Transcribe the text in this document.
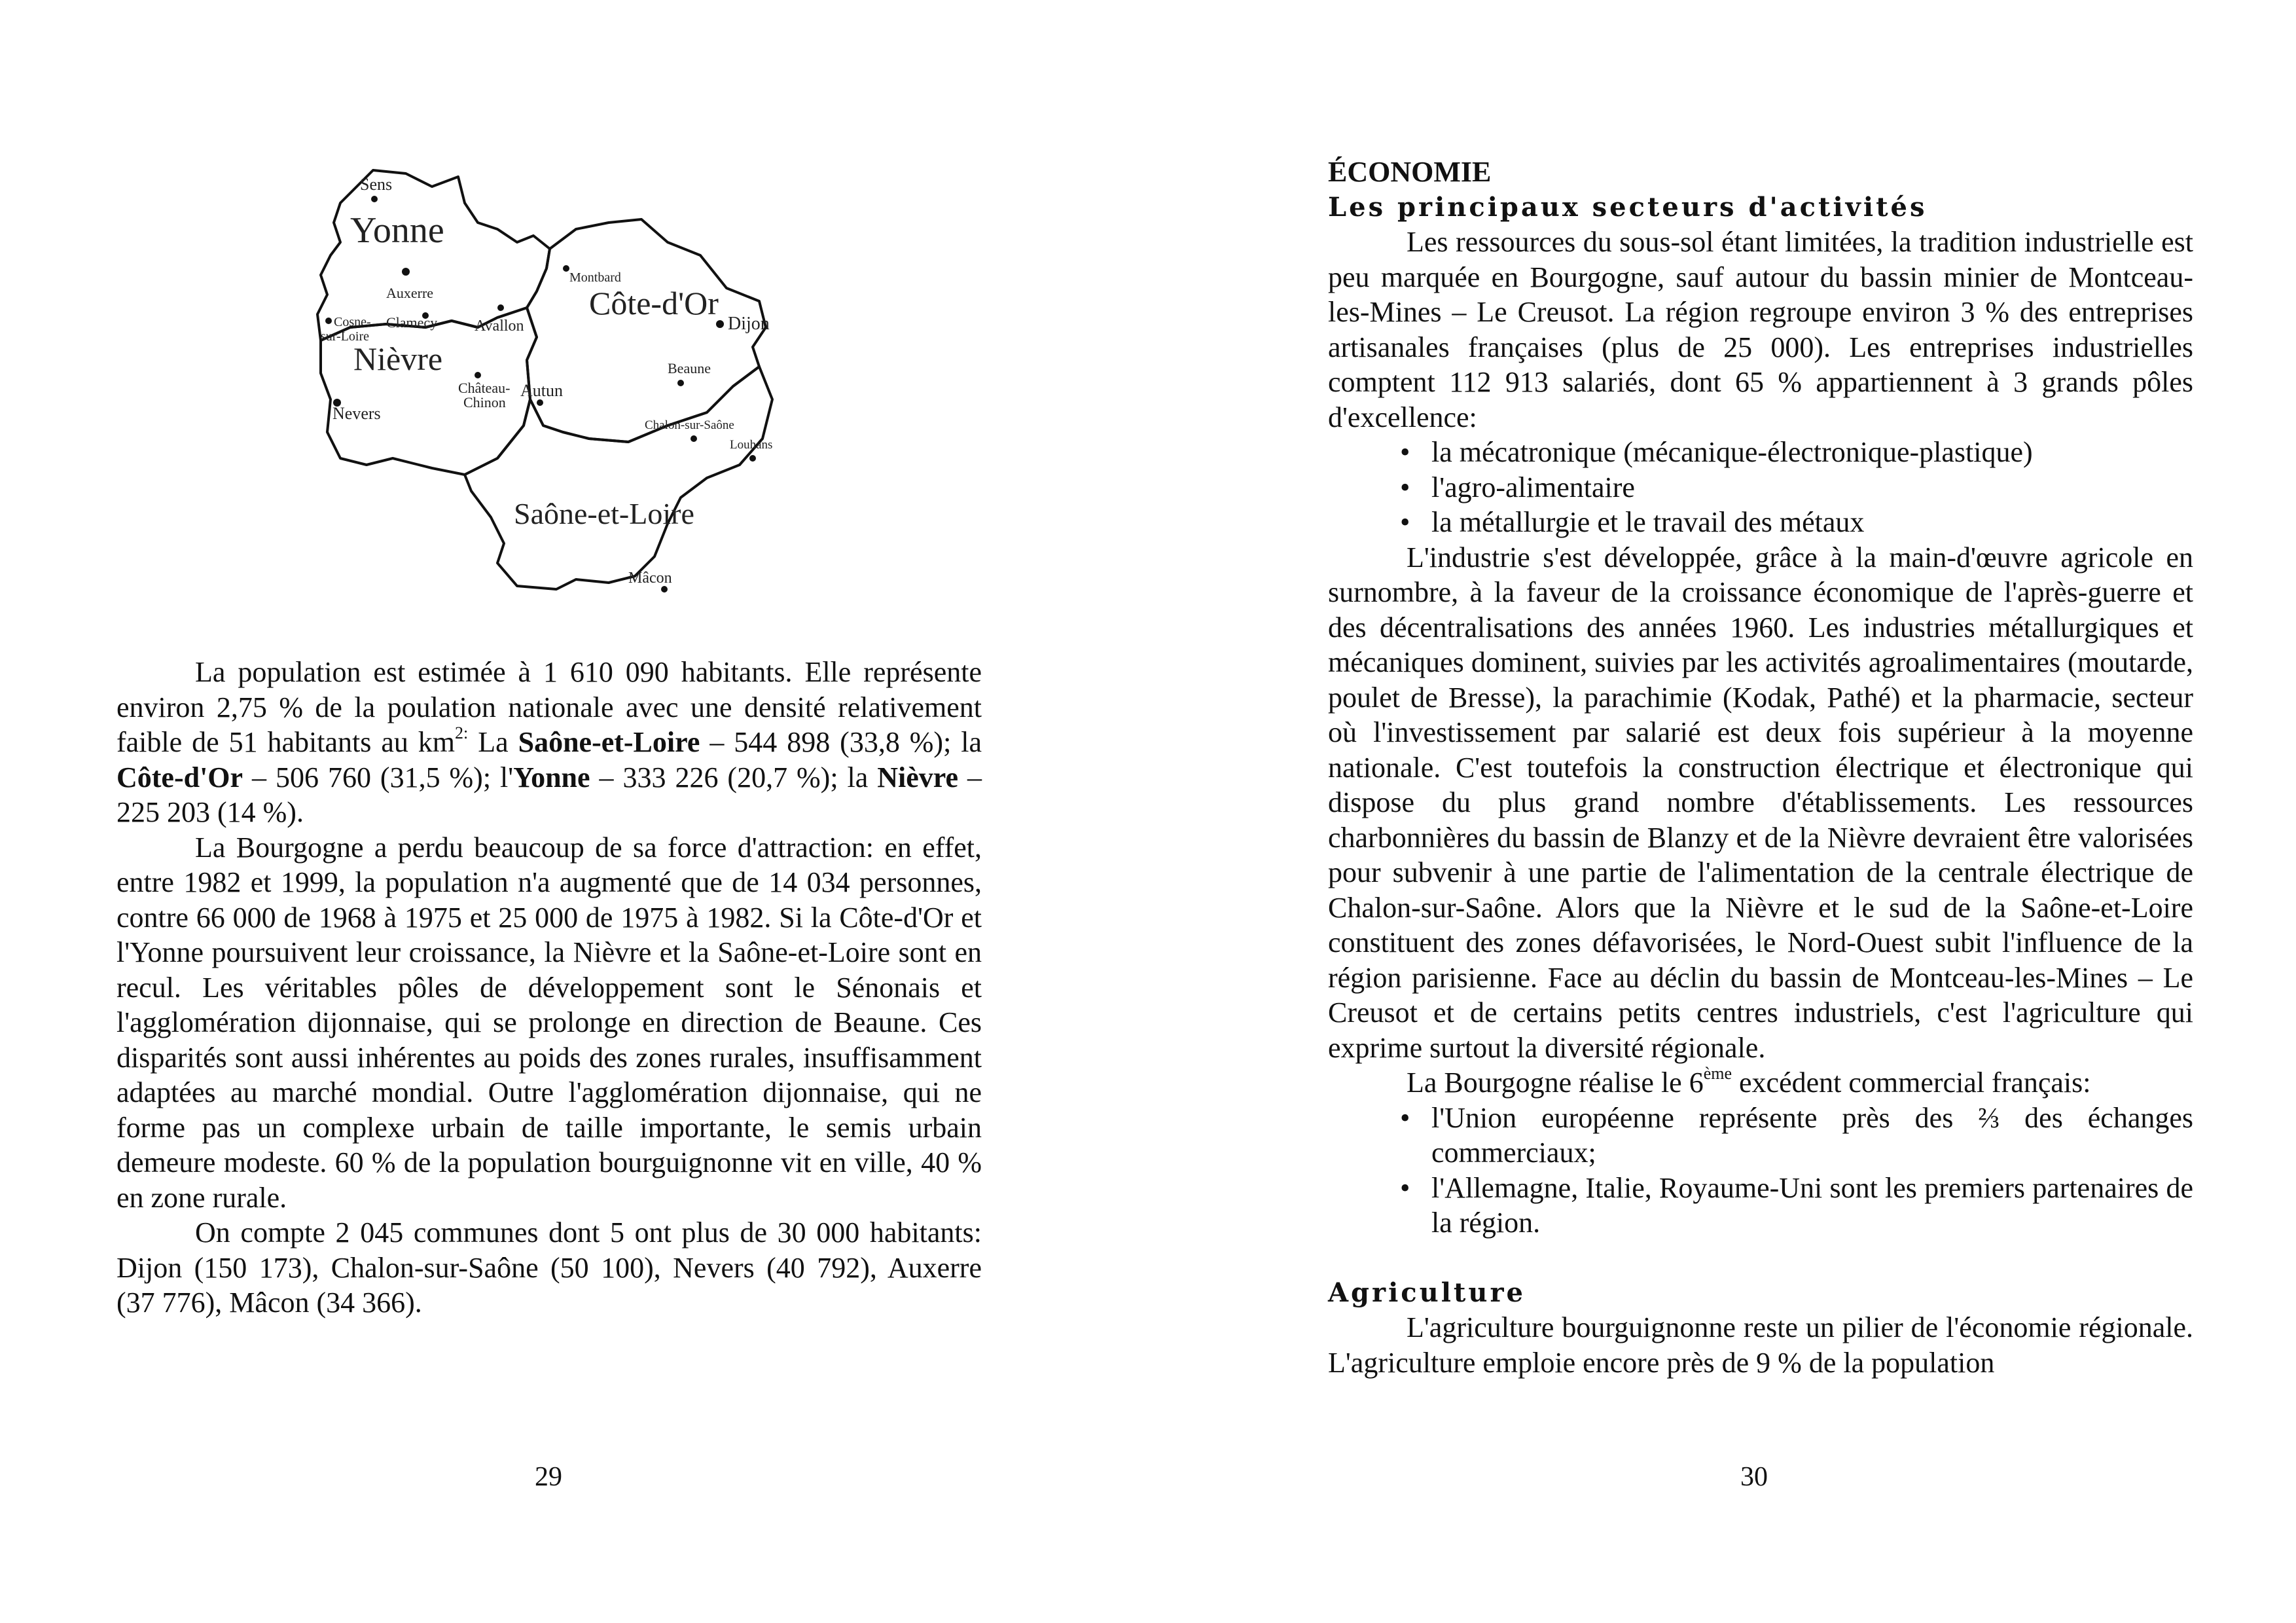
Yonne
Côte-d'Or
Nièvre
Saône-et-Loire
Sens
Auxerre
Avallon
Montbard
Dijon
Cosne-
sur-Loire
Clamecy
Beaune
Château-
Chinon
Autun
Nevers
Chalon-sur-Saône
Louhans
Mâcon

La population est estimée à 1 610 090 habitants. Elle représente environ 2,75 % de la poulation nationale avec une densité relativement faible de 51 habitants au $km^{2:}$ La Saône-et-Loire – 544 898 (33,8 %); la Côte-d'Or – 506 760 (31,5 %); l'Yonne – 333 226 (20,7 %); la Nièvre – 225 203 (14 %).

La Bourgogne a perdu beaucoup de sa force d'attraction: en effet, entre 1982 et 1999, la population n'a augmenté que de 14 034 personnes, contre 66 000 de 1968 à 1975 et 25 000 de 1975 à 1982. Si la Côte-d'Or et l'Yonne poursuivent leur croissance, la Nièvre et la Saône-et-Loire sont en recul. Les véritables pôles de développement sont le Sénonais et l'agglomération dijonnaise, qui se prolonge en direction de Beaune. Ces disparités sont aussi inhérentes au poids des zones rurales, insuffisamment adaptées au marché mondial. Outre l'agglomération dijonnaise, qui ne forme pas un complexe urbain de taille importante, le semis urbain demeure modeste. 60 % de la population bourguignonne vit en ville, 40 % en zone rurale.

On compte 2 045 communes dont 5 ont plus de 30 000 habitants: Dijon (150 173), Chalon-sur-Saône (50 100), Nevers (40 792), Auxerre (37 776), Mâcon (34 366).

29

ÉCONOMIE

Les principaux secteurs d'activités

Les ressources du sous-sol étant limitées, la tradition industrielle est peu marquée en Bourgogne, sauf autour du bassin minier de Montceau-les-Mines – Le Creusot. La région regroupe environ 3 % des entreprises artisanales françaises (plus de 25 000). Les entreprises industrielles comptent 112 913 salariés, dont 65 % appartiennent à 3 grands pôles d'excellence:

• la mécatronique (mécanique-électronique-plastique)
• l'agro-alimentaire
• la métallurgie et le travail des métaux

L'industrie s'est développée, grâce à la main-d'œuvre agricole en surnombre, à la faveur de la croissance économique de l'après-guerre et des décentralisations des années 1960. Les industries métallurgiques et mécaniques dominent, suivies par les activités agroalimentaires (moutarde, poulet de Bresse), la parachimie (Kodak, Pathé) et la pharmacie, secteur où l'investissement par salarié est deux fois supérieur à la moyenne nationale. C'est toutefois la construction électrique et électronique qui dispose du plus grand nombre d'établissements. Les ressources charbonnières du bassin de Blanzy et de la Nièvre devraient être valorisées pour subvenir à une partie de l'alimentation de la centrale électrique de Chalon-sur-Saône. Alors que la Nièvre et le sud de la Saône-et-Loire constituent des zones défavorisées, le Nord-Ouest subit l'influence de la région parisienne. Face au déclin du bassin de Montceau-les-Mines – Le Creusot et de certains petits centres industriels, c'est l'agriculture qui exprime surtout la diversité régionale.

La Bourgogne réalise le 6ème excédent commercial français:

• l'Union européenne représente près des ⅔ des échanges commerciaux;
• l'Allemagne, Italie, Royaume-Uni sont les premiers partenaires de la région.

Agriculture

L'agriculture bourguignonne reste un pilier de l'économie régionale. L'agriculture emploie encore près de 9 % de la population

30
